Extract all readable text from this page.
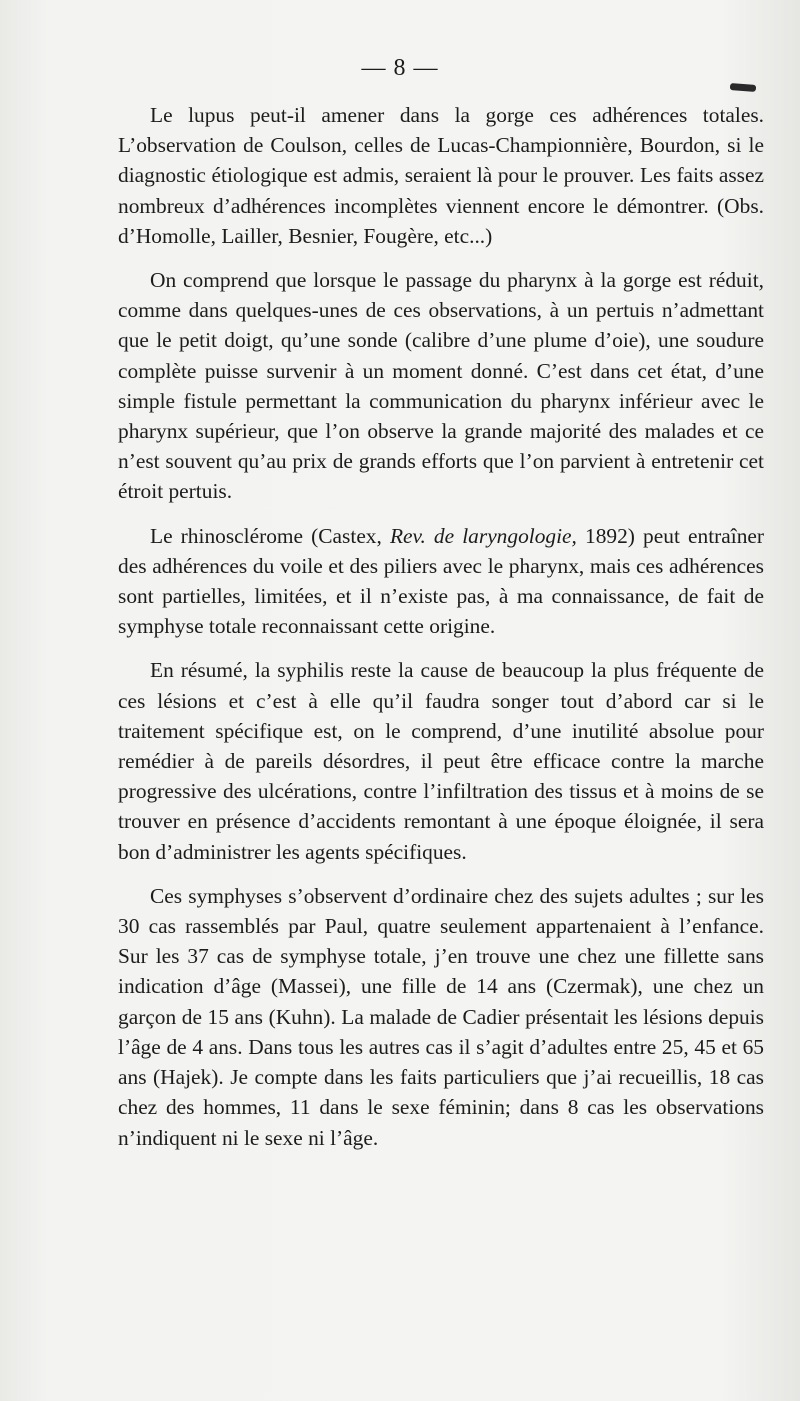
— 8 —

Le lupus peut-il amener dans la gorge ces adhérences totales. L’observation de Coulson, celles de Lucas-Championnière, Bourdon, si le diagnostic étiologique est admis, seraient là pour le prouver. Les faits assez nombreux d’adhérences incomplètes viennent encore le démontrer. (Obs. d’Homolle, Lailler, Besnier, Fougère, etc...)

On comprend que lorsque le passage du pharynx à la gorge est réduit, comme dans quelques-unes de ces observations, à un pertuis n’admettant que le petit doigt, qu’une sonde (calibre d’une plume d’oie), une soudure complète puisse survenir à un moment donné. C’est dans cet état, d’une simple fistule permettant la communication du pharynx inférieur avec le pharynx supérieur, que l’on observe la grande majorité des malades et ce n’est souvent qu’au prix de grands efforts que l’on parvient à entretenir cet étroit pertuis.

Le rhinosclérome (Castex, Rev. de laryngologie, 1892) peut entraîner des adhérences du voile et des piliers avec le pharynx, mais ces adhérences sont partielles, limitées, et il n’existe pas, à ma connaissance, de fait de symphyse totale reconnaissant cette origine.

En résumé, la syphilis reste la cause de beaucoup la plus fréquente de ces lésions et c’est à elle qu’il faudra songer tout d’abord car si le traitement spécifique est, on le comprend, d’une inutilité absolue pour remédier à de pareils désordres, il peut être efficace contre la marche progressive des ulcérations, contre l’infiltration des tissus et à moins de se trouver en présence d’accidents remontant à une époque éloignée, il sera bon d’administrer les agents spécifiques.

Ces symphyses s’observent d’ordinaire chez des sujets adultes ; sur les 30 cas rassemblés par Paul, quatre seulement appartenaient à l’enfance. Sur les 37 cas de symphyse totale, j’en trouve une chez une fillette sans indication d’âge (Massei), une fille de 14 ans (Czermak), une chez un garçon de 15 ans (Kuhn). La malade de Cadier présentait les lésions depuis l’âge de 4 ans. Dans tous les autres cas il s’agit d’adultes entre 25, 45 et 65 ans (Hajek). Je compte dans les faits particuliers que j’ai recueillis, 18 cas chez des hommes, 11 dans le sexe féminin; dans 8 cas les observations n’indiquent ni le sexe ni l’âge.
